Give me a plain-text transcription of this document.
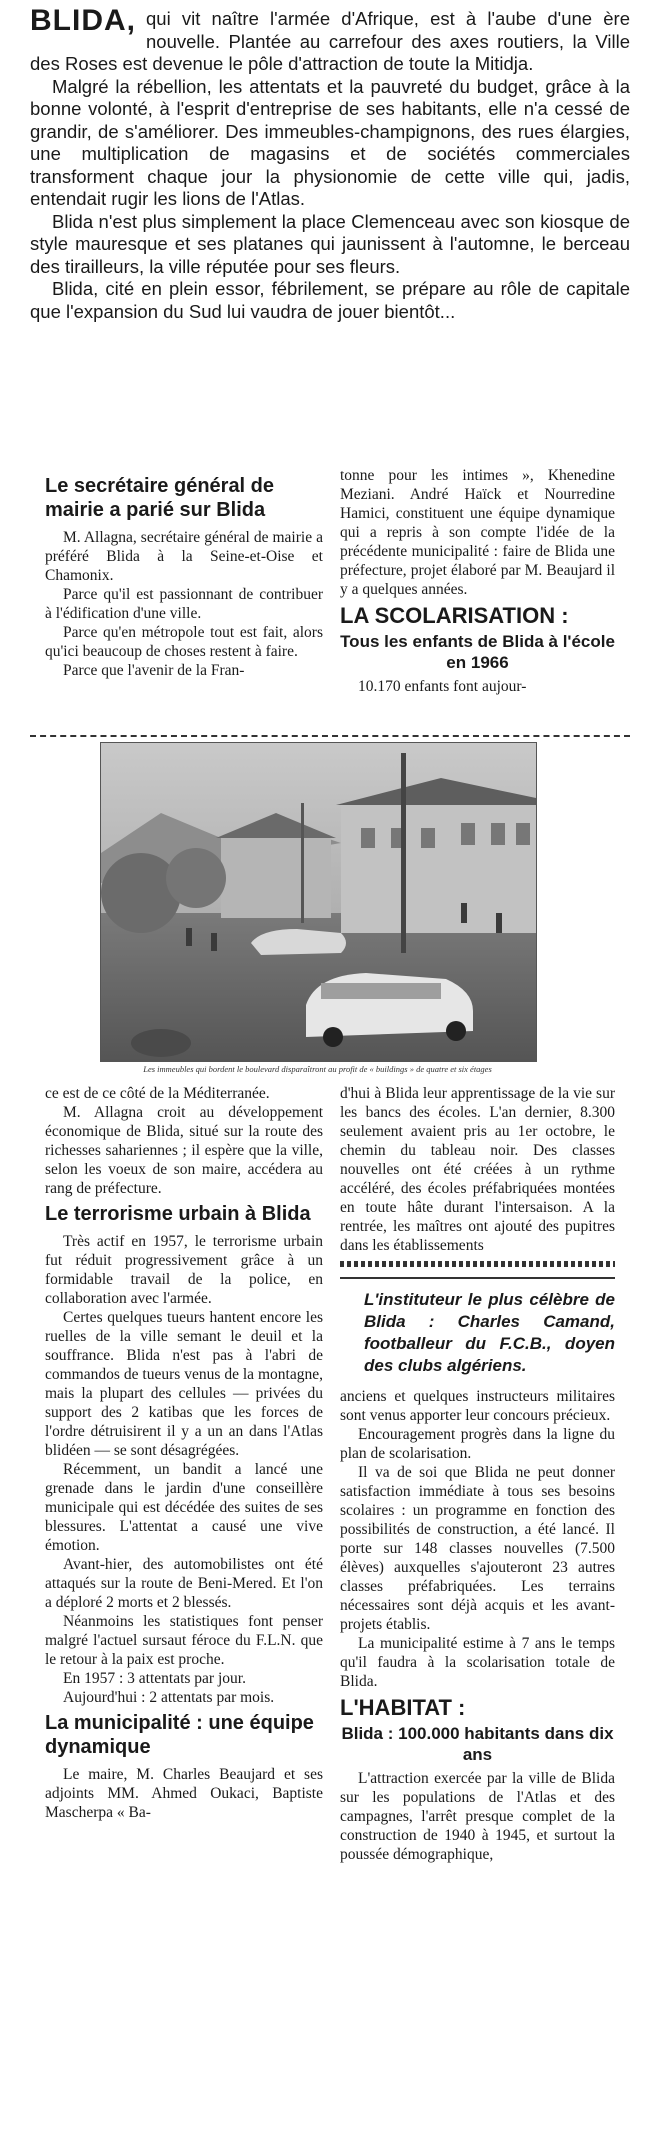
BLIDA, qui vit naître l'armée d'Afrique, est à l'aube d'une ère nouvelle. Plantée au carrefour des axes routiers, la Ville des Roses est devenue le pôle d'attraction de toute la Mitidja.

Malgré la rébellion, les attentats et la pauvreté du budget, grâce à la bonne volonté, à l'esprit d'entreprise de ses habitants, elle n'a cessé de grandir, de s'améliorer. Des immeubles-champignons, des rues élargies, une multiplication de magasins et de sociétés commerciales transforment chaque jour la physionomie de cette ville qui, jadis, entendait rugir les lions de l'Atlas.

Blida n'est plus simplement la place Clemenceau avec son kiosque de style mauresque et ses platanes qui jaunissent à l'automne, le berceau des tirailleurs, la ville réputée pour ses fleurs.

Blida, cité en plein essor, fébrilement, se prépare au rôle de capitale que l'expansion du Sud lui vaudra de jouer bientôt...

Le secrétaire général de mairie a parié sur Blida

M. Allagna, secrétaire général de mairie a préféré Blida à la Seine-et-Oise et Chamonix.

Parce qu'il est passionnant de contribuer à l'édification d'une ville.

Parce qu'en métropole tout est fait, alors qu'ici beaucoup de choses restent à faire.

Parce que l'avenir de la Fran-

tonne pour les intimes », Khenedine Meziani. André Haïck et Nourredine Hamici, constituent une équipe dynamique qui a repris à son compte l'idée de la précédente municipalité : faire de Blida une préfecture, projet élaboré par M. Beaujard il y a quelques années.

LA SCOLARISATION :
Tous les enfants de Blida à l'école en 1966

10.170 enfants font aujour-

Les immeubles qui bordent le boulevard disparaîtront au profit de « buildings » de quatre et six étages

ce est de ce côté de la Méditerranée.

M. Allagna croit au développement économique de Blida, situé sur la route des richesses sahariennes ; il espère que la ville, selon les voeux de son maire, accédera au rang de préfecture.

Le terrorisme urbain à Blida

Très actif en 1957, le terrorisme urbain fut réduit progressivement grâce à un formidable travail de la police, en collaboration avec l'armée.

Certes quelques tueurs hantent encore les ruelles de la ville semant le deuil et la souffrance. Blida n'est pas à l'abri de commandos de tueurs venus de la montagne, mais la plupart des cellules — privées du support des 2 katibas que les forces de l'ordre détruisirent il y a un an dans l'Atlas blidéen — se sont désagrégées.

Récemment, un bandit a lancé une grenade dans le jardin d'une conseillère municipale qui est décédée des suites de ses blessures. L'attentat a causé une vive émotion.

Avant-hier, des automobilistes ont été attaqués sur la route de Beni-Mered. Et l'on a déploré 2 morts et 2 blessés.

Néanmoins les statistiques font penser malgré l'actuel sursaut féroce du F.L.N. que le retour à la paix est proche.

En 1957 : 3 attentats par jour.

Aujourd'hui : 2 attentats par mois.

La municipalité : une équipe dynamique

Le maire, M. Charles Beaujard et ses adjoints MM. Ahmed Oukaci, Baptiste Mascherpa « Ba-

d'hui à Blida leur apprentissage de la vie sur les bancs des écoles. L'an dernier, 8.300 seulement avaient pris au 1er octobre, le chemin du tableau noir. Des classes nouvelles ont été créées à un rythme accéléré, des écoles préfabriquées montées en toute hâte durant l'intersaison. A la rentrée, les maîtres ont ajouté des pupitres dans les établissements

L'instituteur le plus célèbre de Blida : Charles Camand, footballeur du F.C.B., doyen des clubs algériens.

anciens et quelques instructeurs militaires sont venus apporter leur concours précieux.

Encouragement progrès dans la ligne du plan de scolarisation.

Il va de soi que Blida ne peut donner satisfaction immédiate à tous ses besoins scolaires : un programme en fonction des possibilités de construction, a été lancé. Il porte sur 148 classes nouvelles (7.500 élèves) auxquelles s'ajouteront 23 autres classes préfabriquées. Les terrains nécessaires sont déjà acquis et les avant-projets établis.

La municipalité estime à 7 ans le temps qu'il faudra à la scolarisation totale de Blida.

L'HABITAT :
Blida : 100.000 habitants dans dix ans

L'attraction exercée par la ville de Blida sur les populations de l'Atlas et des campagnes, l'arrêt presque complet de la construction de 1940 à 1945, et surtout la poussée démographique,
